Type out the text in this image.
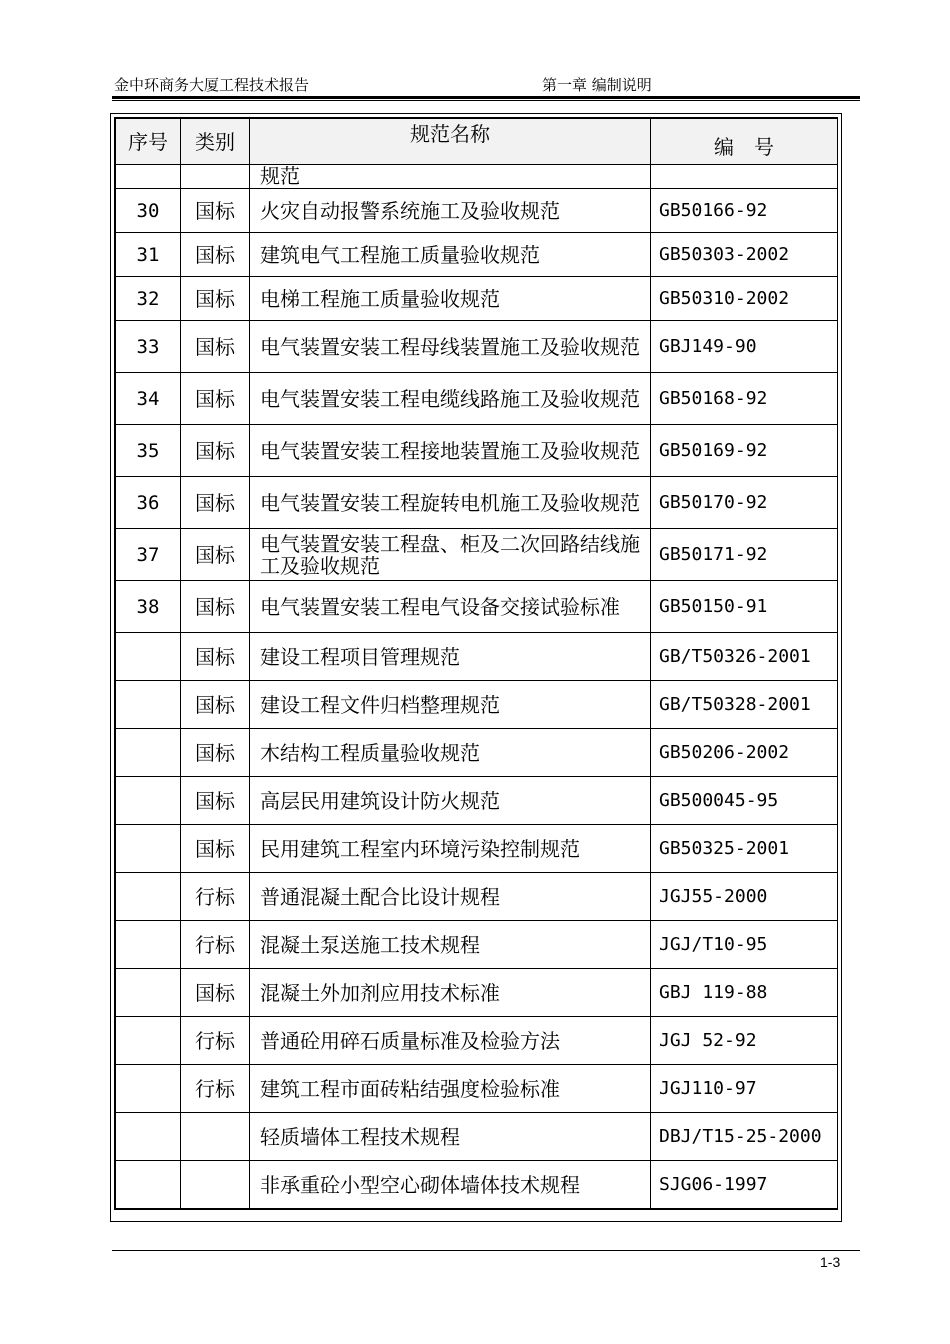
金中环商务大厦工程技术报告	第一章 编制说明
序号	类别	规范名称	编　号
		规范	
30	国标	火灾自动报警系统施工及验收规范	GB50166-92
31	国标	建筑电气工程施工质量验收规范	GB50303-2002
32	国标	电梯工程施工质量验收规范	GB50310-2002
33	国标	电气装置安装工程母线装置施工及验收规范	GBJ149-90
34	国标	电气装置安装工程电缆线路施工及验收规范	GB50168-92
35	国标	电气装置安装工程接地装置施工及验收规范	GB50169-92
36	国标	电气装置安装工程旋转电机施工及验收规范	GB50170-92
37	国标	电气装置安装工程盘、柜及二次回路结线施工及验收规范	GB50171-92
38	国标	电气装置安装工程电气设备交接试验标准	GB50150-91
	国标	建设工程项目管理规范	GB/T50326-2001
	国标	建设工程文件归档整理规范	GB/T50328-2001
	国标	木结构工程质量验收规范	GB50206-2002
	国标	高层民用建筑设计防火规范	GB500045-95
	国标	民用建筑工程室内环境污染控制规范	GB50325-2001
	行标	普通混凝土配合比设计规程	JGJ55-2000
	行标	混凝土泵送施工技术规程	JGJ/T10-95
	国标	混凝土外加剂应用技术标准	GBJ 119-88
	行标	普通砼用碎石质量标准及检验方法	JGJ 52-92
	行标	建筑工程市面砖粘结强度检验标准	JGJ110-97
		轻质墙体工程技术规程	DBJ/T15-25-2000
		非承重砼小型空心砌体墙体技术规程	SJG06-1997
1-3
